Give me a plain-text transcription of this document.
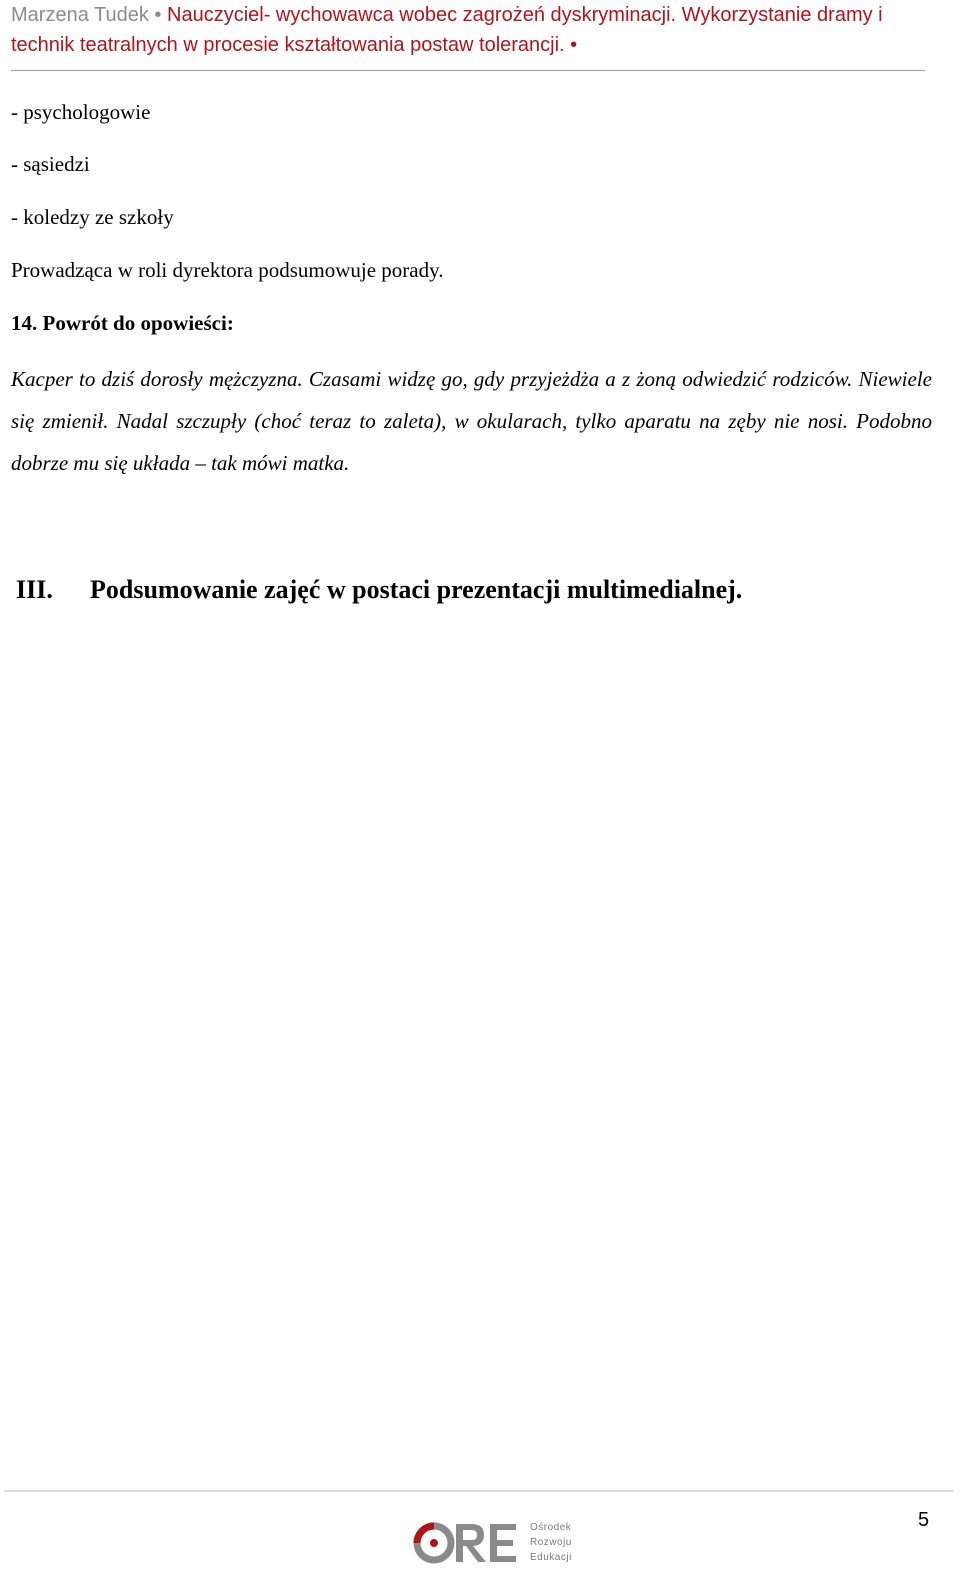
Marzena Tudek • Nauczyciel- wychowawca wobec zagrożeń dyskryminacji. Wykorzystanie dramy i technik teatralnych w procesie kształtowania postaw tolerancji. •
- psychologowie
- sąsiedzi
- koledzy ze szkoły
Prowadząca w roli dyrektora podsumowuje porady.
14. Powrót do opowieści:
Kacper to dziś dorosły mężczyzna. Czasami widzę go, gdy przyjeżdża a z żoną odwiedzić rodziców. Niewiele się zmienił. Nadal szczupły (choć teraz to zaleta), w okularach, tylko aparatu na zęby nie nosi. Podobno dobrze mu się układa – tak mówi matka.
III. Podsumowanie zajęć w postaci prezentacji multimedialnej.
Ośrodek
Rozwoju
Edukacji
5
